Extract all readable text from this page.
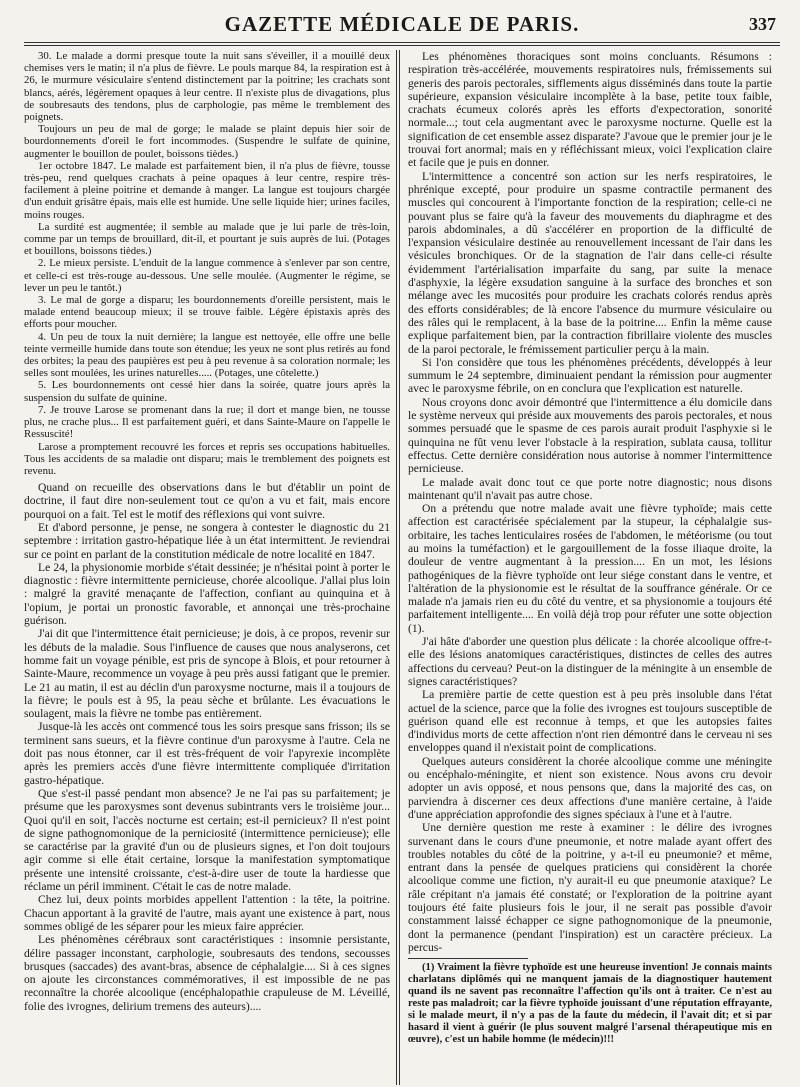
GAZETTE MÉDICALE DE PARIS.	337

30. Le malade a dormi presque toute la nuit sans s'éveiller, il a mouillé deux chemises vers le matin; il n'a plus de fièvre. Le pouls marque 84, la respiration est à 26, le murmure vésiculaire s'entend distinctement par la poitrine; les crachats sont blancs, aérés, légèrement opaques à leur centre. Il n'existe plus de divagations, plus de soubresauts des tendons, plus de carphologie, pas même le tremblement des poignets.

Toujours un peu de mal de gorge; le malade se plaint depuis hier soir de bourdonnements d'oreil le fort incommodes. (Suspendre le sulfate de quinine, augmenter le bouillon de poulet, boissons tièdes.)

1er octobre 1847. Le malade est parfaitement bien, il n'a plus de fièvre, tousse très-peu, rend quelques crachats à peine opaques à leur centre, respire très-facilement à pleine poitrine et demande à manger. La langue est toujours chargée d'un enduit grisâtre épais, mais elle est humide. Une selle liquide hier; urines faciles, moins rouges.

La surdité est augmentée; il semble au malade que je lui parle de très-loin, comme par un temps de brouillard, dit-il, et pourtant je suis auprès de lui. (Potages et bouillons, boissons tièdes.)

2. Le mieux persiste. L'enduit de la langue commence à s'enlever par son centre, et celle-ci est très-rouge au-dessous. Une selle moulée. (Augmenter le régime, se lever un peu le tantôt.)

3. Le mal de gorge a disparu; les bourdonnements d'oreille persistent, mais le malade entend beaucoup mieux; il se trouve faible. Légère épistaxis après des efforts pour moucher.

4. Un peu de toux la nuit dernière; la langue est nettoyée, elle offre une belle teinte vermeille humide dans toute son étendue; les yeux ne sont plus retirés au fond des orbites; la peau des paupières est peu à peu revenue à sa coloration normale; les selles sont moulées, les urines naturelles..... (Potages, une côtelette.)

5. Les bourdonnements ont cessé hier dans la soirée, quatre jours après la suspension du sulfate de quinine.

7. Je trouve Larose se promenant dans la rue; il dort et mange bien, ne tousse plus, ne crache plus... Il est parfaitement guéri, et dans Sainte-Maure on l'appelle le Ressuscité!

Larose a promptement recouvré les forces et repris ses occupations habituelles. Tous les accidents de sa maladie ont disparu; mais le tremblement des poignets est revenu.

Quand on recueille des observations dans le but d'établir un point de doctrine, il faut dire non-seulement tout ce qu'on a vu et fait, mais encore pourquoi on a fait. Tel est le motif des réflexions qui vont suivre.

Et d'abord personne, je pense, ne songera à contester le diagnostic du 21 septembre : irritation gastro-hépatique liée à un état intermittent. Je reviendrai sur ce point en parlant de la constitution médicale de notre localité en 1847.

Le 24, la physionomie morbide s'était dessinée; je n'hésitai point à porter le diagnostic : fièvre intermittente pernicieuse, chorée alcoolique. J'allai plus loin : malgré la gravité menaçante de l'affection, confiant au quinquina et à l'opium, je portai un pronostic favorable, et annonçai une très-prochaine guérison.

J'ai dit que l'intermittence était pernicieuse; je dois, à ce propos, revenir sur les débuts de la maladie. Sous l'influence de causes que nous analyserons, cet homme fait un voyage pénible, est pris de syncope à Blois, et pour retourner à Sainte-Maure, recommence un voyage à peu près aussi fatigant que le premier. Le 21 au matin, il est au déclin d'un paroxysme nocturne, mais il a toujours de la fièvre; le pouls est à 95, la peau sèche et brûlante. Les évacuations le soulagent, mais la fièvre ne tombe pas entièrement.

Jusque-là les accès ont commencé tous les soirs presque sans frisson; ils se terminent sans sueurs, et la fièvre continue d'un paroxysme à l'autre. Cela ne doit pas nous étonner, car il est très-fréquent de voir l'apyrexie incomplète après les premiers accès d'une fièvre intermittente compliquée d'irritation gastro-hépatique.

Que s'est-il passé pendant mon absence? Je ne l'ai pas su parfaitement; je présume que les paroxysmes sont devenus subintrants vers le troisième jour... Quoi qu'il en soit, l'accès nocturne est certain; est-il pernicieux? Il n'est point de signe pathognomonique de la perniciosité (intermittence pernicieuse); elle se caractérise par la gravité d'un ou de plusieurs signes, et l'on doit toujours agir comme si elle était certaine, lorsque la manifestation symptomatique présente une intensité croissante, c'est-à-dire user de toute la hardiesse que réclame un péril imminent. C'était le cas de notre malade.

Chez lui, deux points morbides appellent l'attention : la tête, la poitrine. Chacun apportant à la gravité de l'autre, mais ayant une existence à part, nous sommes obligé de les séparer pour les mieux faire apprécier.

Les phénomènes cérébraux sont caractéristiques : insomnie persistante, délire passager inconstant, carphologie, soubresauts des tendons, secousses brusques (saccades) des avant-bras, absence de céphalalgie.... Si à ces signes on ajoute les circonstances commémoratives, il est impossible de ne pas reconnaître la chorée alcoolique (encéphalopathie crapuleuse de M. Léveillé, folie des ivrognes, delirium tremens des auteurs)....

Les phénomènes thoraciques sont moins concluants. Résumons : respiration très-accélérée, mouvements respiratoires nuls, frémissements sui generis des parois pectorales, sifflements aigus disséminés dans toute la partie supérieure, expansion vésiculaire incomplète à la base, petite toux faible, crachats écumeux colorés après les efforts d'expectoration, sonorité normale...; tout cela augmentant avec le paroxysme nocturne. Quelle est la signification de cet ensemble assez disparate? J'avoue que le premier jour je le trouvai fort anormal; mais en y réfléchissant mieux, voici l'explication claire et facile que je puis en donner.

L'intermittence a concentré son action sur les nerfs respiratoires, le phrénique excepté, pour produire un spasme contractile permanent des muscles qui concourent à l'importante fonction de la respiration; celle-ci ne pouvant plus se faire qu'à la faveur des mouvements du diaphragme et des parois abdominales, a dû s'accélérer en proportion de la difficulté de l'expansion vésiculaire destinée au renouvellement incessant de l'air dans les vésicules bronchiques. Or de la stagnation de l'air dans celle-ci résulte évidemment l'artérialisation imparfaite du sang, par suite la menace d'asphyxie, la légère exsudation sanguine à la surface des bronches et son mélange avec les mucosités pour produire les crachats colorés rendus après des efforts considérables; de là encore l'absence du murmure vésiculaire ou des râles qui le remplacent, à la base de la poitrine.... Enfin la même cause explique parfaitement bien, par la contraction fibrillaire violente des muscles de la paroi pectorale, le frémissement particulier perçu à la main.

Si l'on considère que tous les phénomènes précédents, développés à leur summum le 24 septembre, diminuaient pendant la rémission pour augmenter avec le paroxysme fébrile, on en conclura que l'explication est naturelle.

Nous croyons donc avoir démontré que l'intermittence a élu domicile dans le système nerveux qui préside aux mouvements des parois pectorales, et nous sommes persuadé que le spasme de ces parois aurait produit l'asphyxie si le quinquina ne fût venu lever l'obstacle à la respiration, sublata causa, tollitur effectus. Cette dernière considération nous autorise à nommer l'intermittence pernicieuse.

Le malade avait donc tout ce que porte notre diagnostic; nous disons maintenant qu'il n'avait pas autre chose.

On a prétendu que notre malade avait une fièvre typhoïde; mais cette affection est caractérisée spécialement par la stupeur, la céphalalgie sus-orbitaire, les taches lenticulaires rosées de l'abdomen, le météorisme (ou tout au moins la tuméfaction) et le gargouillement de la fosse iliaque droite, la douleur de ventre augmentant à la pression.... En un mot, les lésions pathogéniques de la fièvre typhoïde ont leur siége constant dans le ventre, et l'altération de la physionomie est le résultat de la souffrance générale. Or ce malade n'a jamais rien eu du côté du ventre, et sa physionomie a toujours été parfaitement intelligente.... En voilà déjà trop pour réfuter une sotte objection (1).

J'ai hâte d'aborder une question plus délicate : la chorée alcoolique offre-t-elle des lésions anatomiques caractéristiques, distinctes de celles des autres affections du cerveau? Peut-on la distinguer de la méningite à un ensemble de signes caractéristiques?

La première partie de cette question est à peu près insoluble dans l'état actuel de la science, parce que la folie des ivrognes est toujours susceptible de guérison quand elle est reconnue à temps, et que les autopsies faites d'individus morts de cette affection n'ont rien démontré dans le cerveau ni ses enveloppes quand il n'existait point de complications.

Quelques auteurs considèrent la chorée alcoolique comme une méningite ou encéphalo-méningite, et nient son existence. Nous avons cru devoir adopter un avis opposé, et nous pensons que, dans la majorité des cas, on parviendra à discerner ces deux affections d'une manière certaine, à l'aide d'une appréciation approfondie des signes spéciaux à l'une et à l'autre.

Une dernière question me reste à examiner : le délire des ivrognes survenant dans le cours d'une pneumonie, et notre malade ayant offert des troubles notables du côté de la poitrine, y a-t-il eu pneumonie? et même, entrant dans la pensée de quelques praticiens qui considèrent la chorée alcoolique comme une fiction, n'y aurait-il eu que pneumonie ataxique? Le râle crépitant n'a jamais été constaté; or l'exploration de la poitrine ayant toujours été faite plusieurs fois le jour, il ne serait pas possible d'avoir constamment laissé échapper ce signe pathognomonique de la pneumonie, dont la permanence (pendant l'inspiration) est un caractère précieux. La percus-

(1) Vraiment la fièvre typhoïde est une heureuse invention! Je connais maints charlatans diplômés qui ne manquent jamais de la diagnostiquer hautement quand ils ne savent pas reconnaître l'affection qu'ils ont à traiter. Ce n'est au reste pas maladroit; car la fièvre typhoïde jouissant d'une réputation effrayante, si le malade meurt, il n'y a pas de la faute du médecin, il l'avait dit; et si par hasard il vient à guérir (le plus souvent malgré l'arsenal thérapeutique mis en œuvre), c'est un habile homme (le médecin)!!!
